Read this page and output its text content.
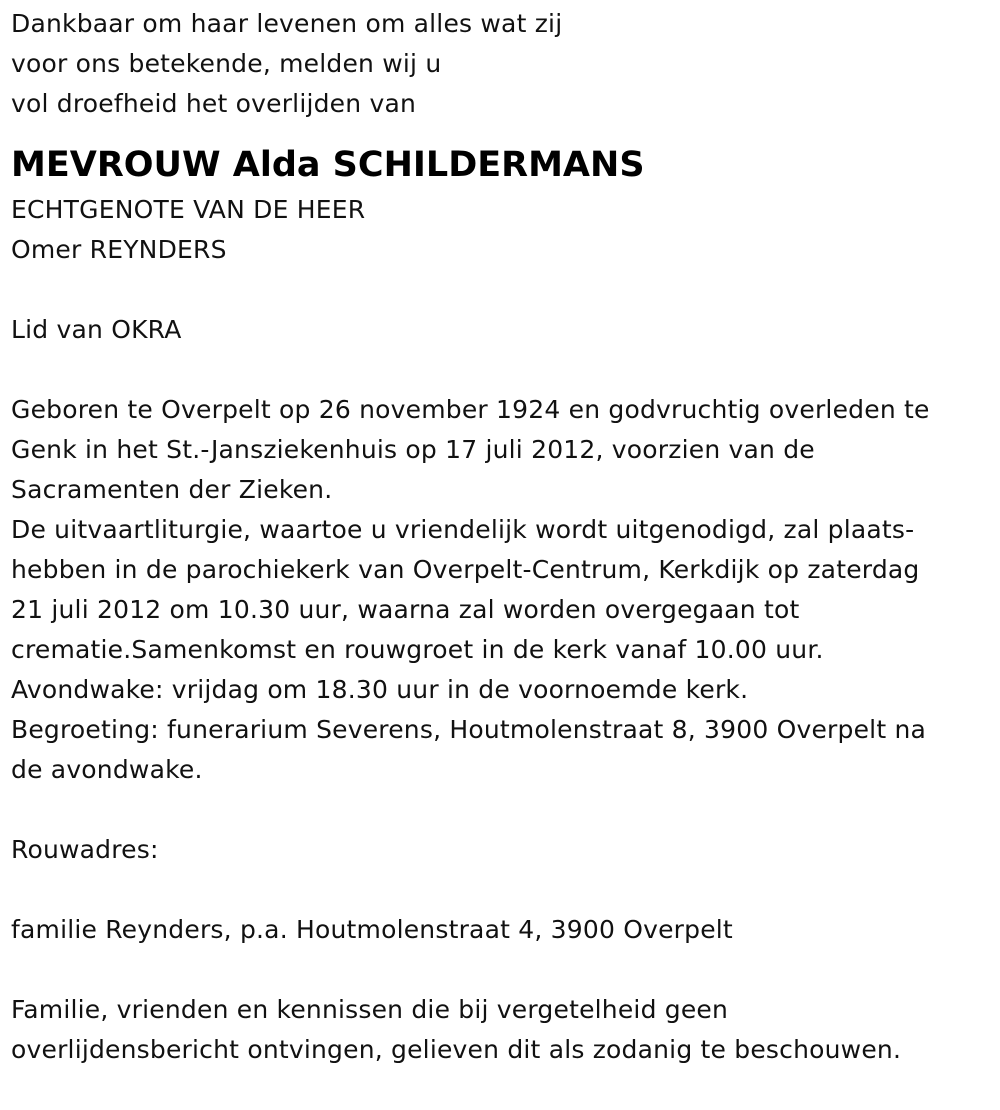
Dankbaar om haar levenen om alles wat zij
voor ons betekende, melden wij u
vol droefheid het overlijden van
MEVROUW Alda SCHILDERMANS
ECHTGENOTE VAN DE HEER
Omer REYNDERS
Lid van OKRA
Geboren te Overpelt op 26 november 1924 en godvruchtig overleden te
Genk in het St.-Jansziekenhuis op 17 juli 2012, voorzien van de
Sacramenten der Zieken.
De uitvaartliturgie, waartoe u vriendelijk wordt uitgenodigd, zal plaats-
hebben in de parochiekerk van Overpelt-Centrum, Kerkdijk op zaterdag
21 juli 2012 om 10.30 uur, waarna zal worden overgegaan tot
crematie.Samenkomst en rouwgroet in de kerk vanaf 10.00 uur.
Avondwake: vrijdag om 18.30 uur in de voornoemde kerk.
Begroeting: funerarium Severens, Houtmolenstraat 8, 3900 Overpelt na
de avondwake.
Rouwadres:
familie Reynders, p.a. Houtmolenstraat 4, 3900 Overpelt
Familie, vrienden en kennissen die bij vergetelheid geen
overlijdensbericht ontvingen, gelieven dit als zodanig te beschouwen.
